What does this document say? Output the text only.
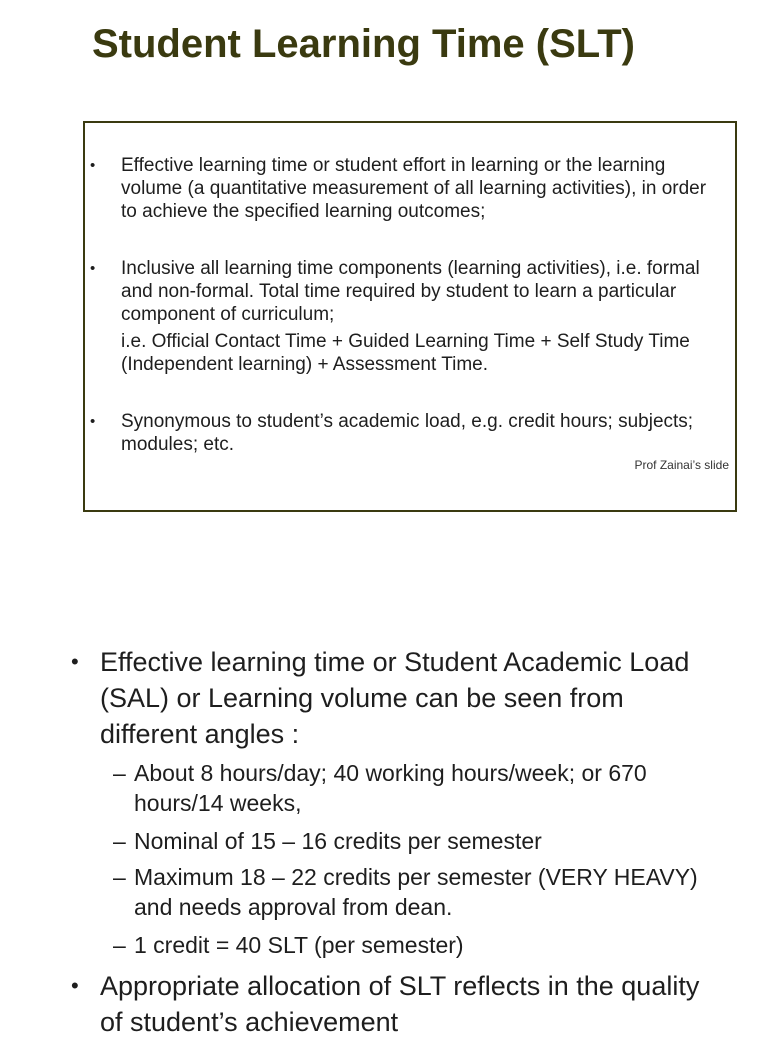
Student Learning Time (SLT)
• Effective learning time or student effort in learning or the learning volume (a quantitative measurement of all learning activities), in order to achieve the specified learning outcomes;

• Inclusive all learning time components (learning activities), i.e. formal and non-formal. Total time required by student to learn a particular component of curriculum;

i.e. Official Contact Time + Guided Learning Time + Self Study Time (Independent learning) + Assessment Time.

• Synonymous to student’s academic load, e.g. credit hours; subjects; modules; etc.

Prof Zainai’s slide
• Effective learning time or Student Academic Load (SAL) or Learning volume can be seen from different angles :
– About 8 hours/day; 40 working hours/week; or 670 hours/14 weeks,
– Nominal of 15 – 16 credits per semester
– Maximum 18 – 22 credits per semester (VERY HEAVY) and needs approval from dean.
– 1 credit = 40 SLT (per semester)
• Appropriate allocation of SLT reflects in the quality of student’s achievement
